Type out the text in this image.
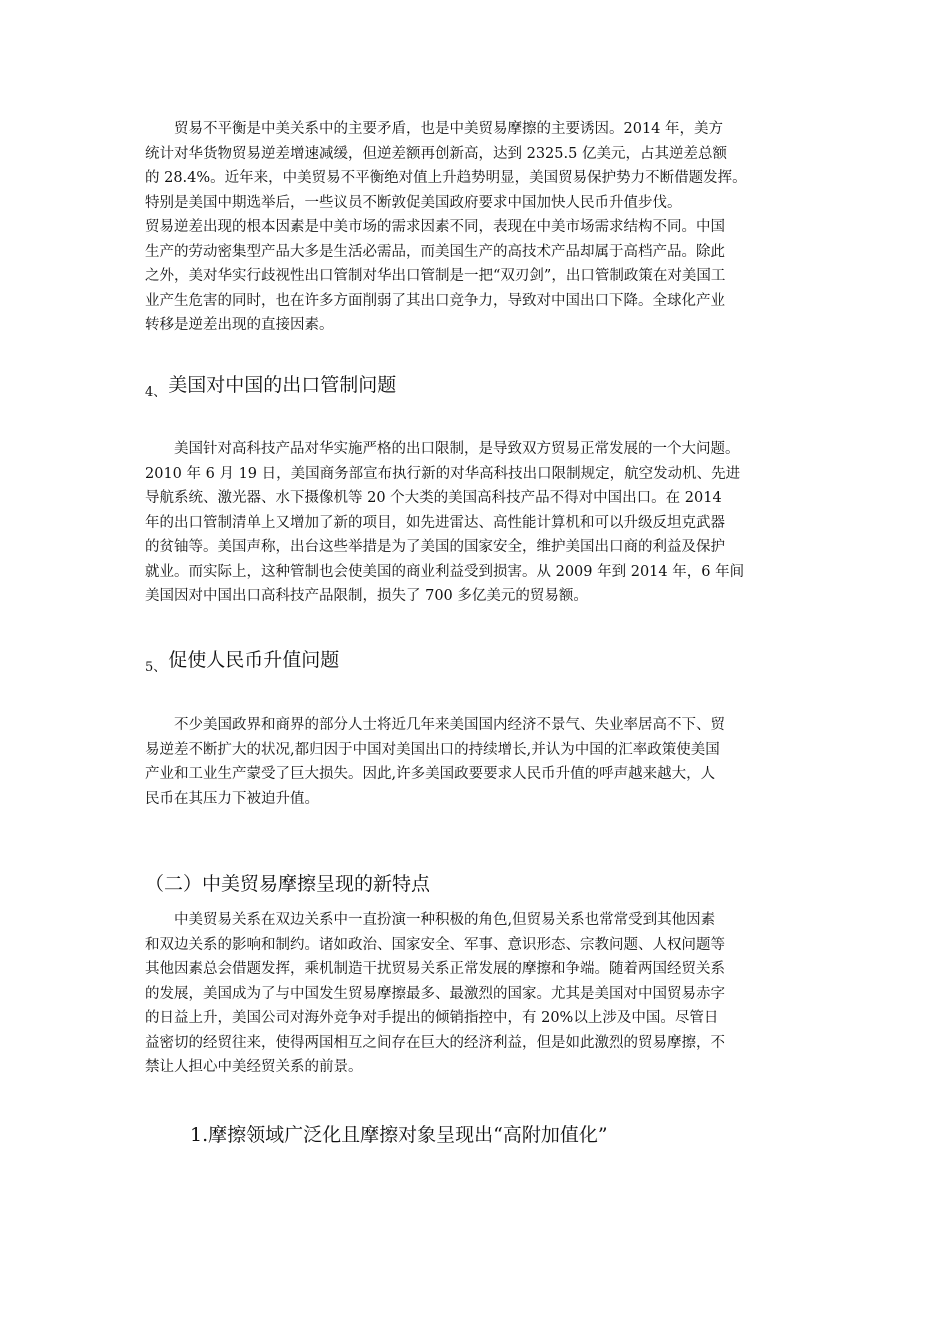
　　贸易不平衡是中美关系中的主要矛盾，也是中美贸易摩擦的主要诱因。2014 年，美方
统计对华货物贸易逆差增速减缓，但逆差额再创新高，达到 2325.5 亿美元，占其逆差总额
的 28.4%。近年来，中美贸易不平衡绝对值上升趋势明显，美国贸易保护势力不断借题发挥。
特别是美国中期选举后，一些议员不断敦促美国政府要求中国加快人民币升值步伐。
贸易逆差出现的根本因素是中美市场的需求因素不同，表现在中美市场需求结构不同。中国
生产的劳动密集型产品大多是生活必需品，而美国生产的高技术产品却属于高档产品。除此
之外，美对华实行歧视性出口管制对华出口管制是一把“双刃剑”，出口管制政策在对美国工
业产生危害的同时，也在许多方面削弱了其出口竞争力，导致对中国出口下降。全球化产业
转移是逆差出现的直接因素。
$_{4、}$ 美国对中国的出口管制问题
　　美国针对高科技产品对华实施严格的出口限制，是导致双方贸易正常发展的一个大问题。
2010 年 6 月 19 日，美国商务部宣布执行新的对华高科技出口限制规定，航空发动机、先进
导航系统、激光器、水下摄像机等 20 个大类的美国高科技产品不得对中国出口。在 2014
年的出口管制清单上又增加了新的项目，如先进雷达、高性能计算机和可以升级反坦克武器
的贫铀等。美国声称，出台这些举措是为了美国的国家安全，维护美国出口商的利益及保护
就业。而实际上，这种管制也会使美国的商业利益受到损害。从 2009 年到 2014 年，6 年间
美国因对中国出口高科技产品限制，损失了 700 多亿美元的贸易额。
$_{5、}$ 促使人民币升值问题
　　不少美国政界和商界的部分人士将近几年来美国国内经济不景气、失业率居高不下、贸
易逆差不断扩大的状况,都归因于中国对美国出口的持续增长,并认为中国的汇率政策使美国
产业和工业生产蒙受了巨大损失。因此,许多美国政要要求人民币升值的呼声越来越大，人
民币在其压力下被迫升值。
（二）中美贸易摩擦呈现的新特点
　　中美贸易关系在双边关系中一直扮演一种积极的角色,但贸易关系也常常受到其他因素
和双边关系的影响和制约。诸如政治、国家安全、军事、意识形态、宗教问题、人权问题等
其他因素总会借题发挥，乘机制造干扰贸易关系正常发展的摩擦和争端。随着两国经贸关系
的发展，美国成为了与中国发生贸易摩擦最多、最激烈的国家。尤其是美国对中国贸易赤字
的日益上升，美国公司对海外竞争对手提出的倾销指控中，有 20%以上涉及中国。尽管日
益密切的经贸往来，使得两国相互之间存在巨大的经济利益，但是如此激烈的贸易摩擦，不
禁让人担心中美经贸关系的前景。
1.摩擦领域广泛化且摩擦对象呈现出“高附加值化”
